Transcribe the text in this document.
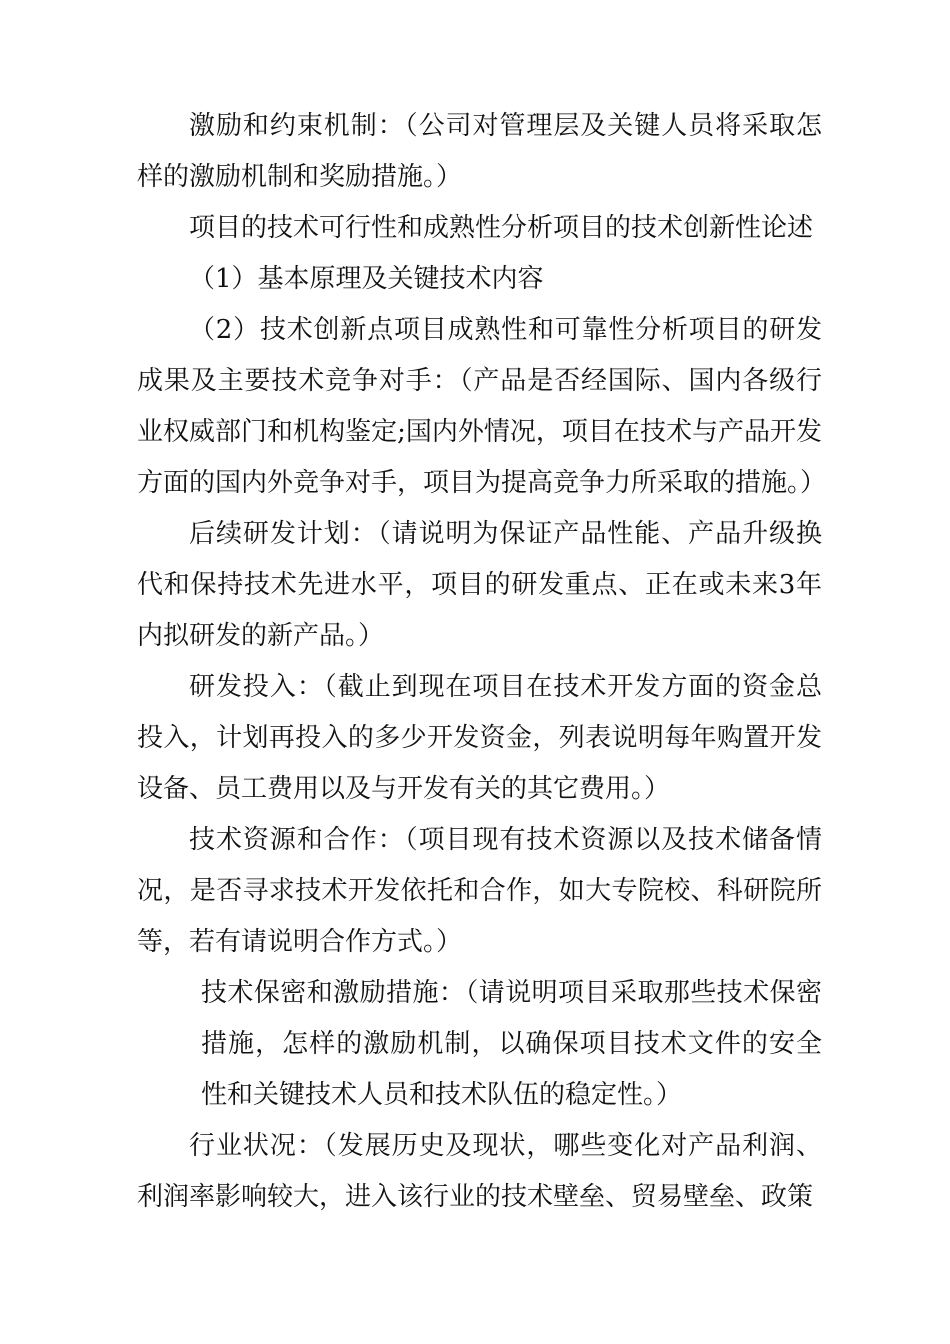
激励和约束机制：（公司对管理层及关键人员将采取怎样的激励机制和奖励措施。）

项目的技术可行性和成熟性分析项目的技术创新性论述

（1）基本原理及关键技术内容

（2）技术创新点项目成熟性和可靠性分析项目的研发成果及主要技术竞争对手：（产品是否经国际、国内各级行业权威部门和机构鉴定;国内外情况，项目在技术与产品开发方面的国内外竞争对手，项目为提高竞争力所采取的措施。）

后续研发计划：（请说明为保证产品性能、产品升级换代和保持技术先进水平，项目的研发重点、正在或未来3年内拟研发的新产品。）

研发投入：（截止到现在项目在技术开发方面的资金总投入，计划再投入的多少开发资金，列表说明每年购置开发设备、员工费用以及与开发有关的其它费用。）

技术资源和合作：（项目现有技术资源以及技术储备情况，是否寻求技术开发依托和合作，如大专院校、科研院所等，若有请说明合作方式。）

技术保密和激励措施：（请说明项目采取那些技术保密措施，怎样的激励机制，以确保项目技术文件的安全性和关键技术人员和技术队伍的稳定性。）

行业状况：（发展历史及现状，哪些变化对产品利润、利润率影响较大，进入该行业的技术壁垒、贸易壁垒、政策
